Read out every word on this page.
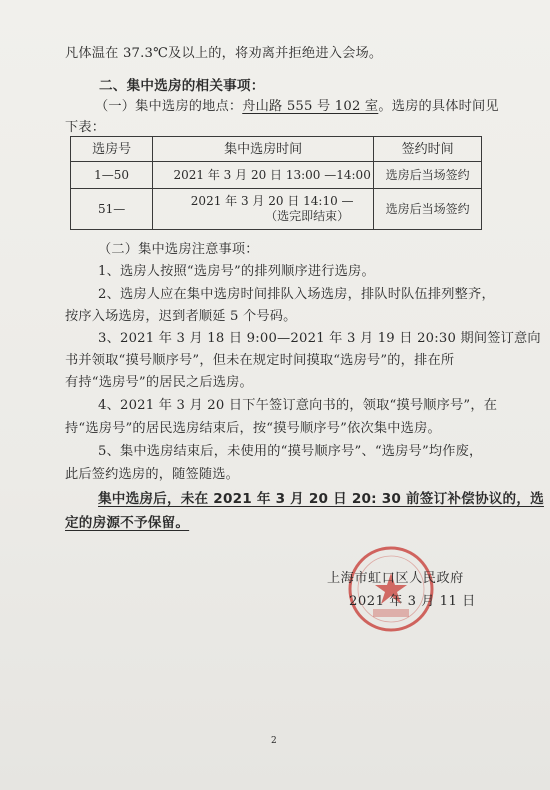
凡体温在 37.3℃及以上的，将劝离并拒绝进入会场。
二、集中选房的相关事项：
（一）集中选房的地点：舟山路 555 号 102 室。选房的具体时间见
下表：
选房号	集中选房时间	签约时间
1—50	2021 年 3 月 20 日 13:00 —14:00	选房后当场签约
51—	2021 年 3 月 20 日 14:10 —
（选完即结束）	选房后当场签约
（二）集中选房注意事项：
1、选房人按照“选房号”的排列顺序进行选房。
2、选房人应在集中选房时间排队入场选房，排队时队伍排列整齐，
按序入场选房，迟到者顺延 5 个号码。
3、2021 年 3 月 18 日 9:00—2021 年 3 月 19 日 20:30 期间签订意向
书并领取“摸号顺序号”，但未在规定时间摸取“选房号”的，排在所
有持“选房号”的居民之后选房。
4、2021 年 3 月 20 日下午签订意向书的，领取“摸号顺序号”，在
持“选房号”的居民选房结束后，按“摸号顺序号”依次集中选房。
5、集中选房结束后，未使用的“摸号顺序号”、“选房号”均作废，
此后签约选房的，随签随选。
集中选房后，未在 2021 年 3 月 20 日 20: 30 前签订补偿协议的，选
定的房源不予保留。
上海市虹口区人民政府
2021 年 3 月 11 日
2
